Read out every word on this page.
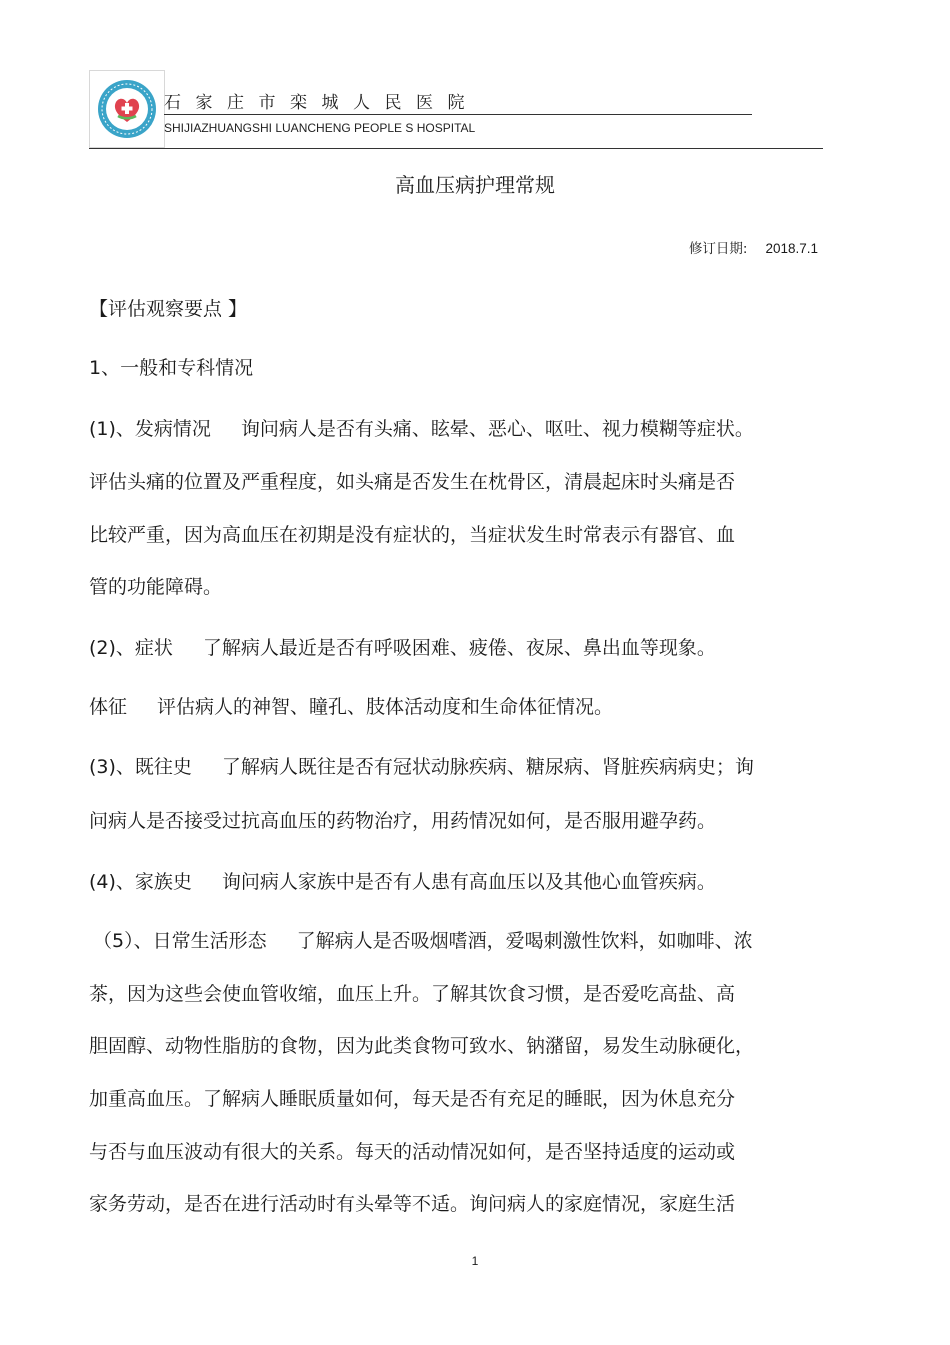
石家庄市栾城人民医院
SHIJIAZHUANGSHI LUANCHENG PEOPLE S HOSPITAL
高血压病护理常规
修订日期: 2018.7.1
【评估观察要点 】
1、一般和专科情况
(1)、发病情况 询问病人是否有头痛、眩晕、恶心、呕吐、视力模糊等症状。
评估头痛的位置及严重程度，如头痛是否发生在枕骨区，清晨起床时头痛是否
比较严重，因为高血压在初期是没有症状的，当症状发生时常表示有器官、血
管的功能障碍。
(2)、症状 了解病人最近是否有呼吸困难、疲倦、夜尿、鼻出血等现象。
体征 评估病人的神智、瞳孔、肢体活动度和生命体征情况。
(3)、既往史 了解病人既往是否有冠状动脉疾病、糖尿病、肾脏疾病病史；询
问病人是否接受过抗高血压的药物治疗，用药情况如何，是否服用避孕药。
(4)、家族史 询问病人家族中是否有人患有高血压以及其他心血管疾病。
（5）、日常生活形态 了解病人是否吸烟嗜酒，爱喝刺激性饮料，如咖啡、浓
茶，因为这些会使血管收缩，血压上升。了解其饮食习惯，是否爱吃高盐、高
胆固醇、动物性脂肪的食物，因为此类食物可致水、钠潴留，易发生动脉硬化，
加重高血压。了解病人睡眠质量如何，每天是否有充足的睡眠，因为休息充分
与否与血压波动有很大的关系。每天的活动情况如何，是否坚持适度的运动或
家务劳动，是否在进行活动时有头晕等不适。询问病人的家庭情况，家庭生活
1
